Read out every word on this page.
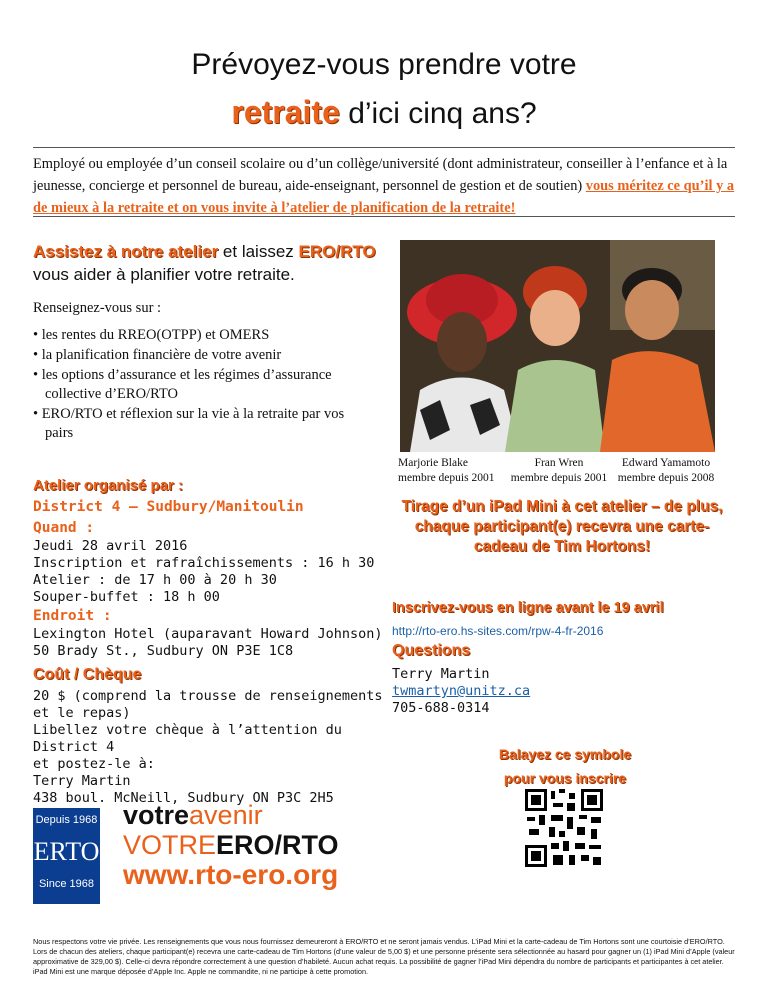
Prévoyez-vous prendre votre
retraite d’ici cinq ans?
Employé ou employée d’un conseil scolaire ou d’un collège/université (dont administrateur, conseiller à l’enfance et à la jeunesse, concierge et personnel de bureau, aide-enseignant, personnel de gestion et de soutien) vous méritez ce qu’il y a de mieux à la retraite et on vous invite à l’atelier de planification de la retraite!
Assistez à notre atelier et laissez ERO/RTO vous aider à planifier votre retraite.
Renseignez-vous sur :
• les rentes du RREO(OTPP) et OMERS
• la planification financière de votre avenir
• les options d’assurance et les régimes d’assurance collective d’ERO/RTO
• ERO/RTO et réflexion sur la vie à la retraite par vos pairs
Marjorie Blake
membre depuis 2001
Fran Wren
membre depuis 2001
Edward Yamamoto
membre depuis 2008
Atelier organisé par :
District 4 – Sudbury/Manitoulin
Quand :
Jeudi 28 avril 2016
Inscription et rafraîchissements : 16 h 30
Atelier : de 17 h 00 à 20 h 30
Souper-buffet : 18 h 00
Endroit :
Lexington Hotel (auparavant Howard Johnson)
50 Brady St., Sudbury ON P3E 1C8
Coût / Chèque
20 $ (comprend la trousse de renseignements
et le repas)
Libellez votre chèque à l’attention du District 4
et postez-le à:
Terry Martin
438 boul. McNeill, Sudbury ON P3C 2H5
Tirage d’un iPad Mini à cet atelier – de plus, chaque participant(e) recevra une carte-cadeau de Tim Hortons!
Inscrivez-vous en ligne avant le 19 avril
http://rto-ero.hs-sites.com/rpw-4-fr-2016
Questions
Terry Martin
twmartyn@unitz.ca
705-688-0314
Balayez ce symbole
pour vous inscrire
Depuis 1968
ERTO
Since 1968
votreavenir
VOTREERO/RTO
www.rto-ero.org
Nous respectons votre vie privée. Les renseignements que vous nous fournissez demeureront à ERO/RTO et ne seront jamais vendus. L’iPad Mini et la carte-cadeau de Tim Hortons sont une courtoisie d’ERO/RTO. Lors de chacun des ateliers, chaque participant(e) recevra une carte-cadeau de Tim Hortons (d’une valeur de 5,00 $) et une personne présente sera sélectionnée au hasard pour gagner un (1) iPad Mini d’Apple (valeur approximative de 329,00 $). Celle-ci devra répondre correctement à une question d’habileté. Aucun achat requis. La possibilité de gagner l’iPad Mini dépendra du nombre de participants et participantes à cet atelier. iPad Mini est une marque déposée d’Apple Inc. Apple ne commandite, ni ne participe à cette promotion.
